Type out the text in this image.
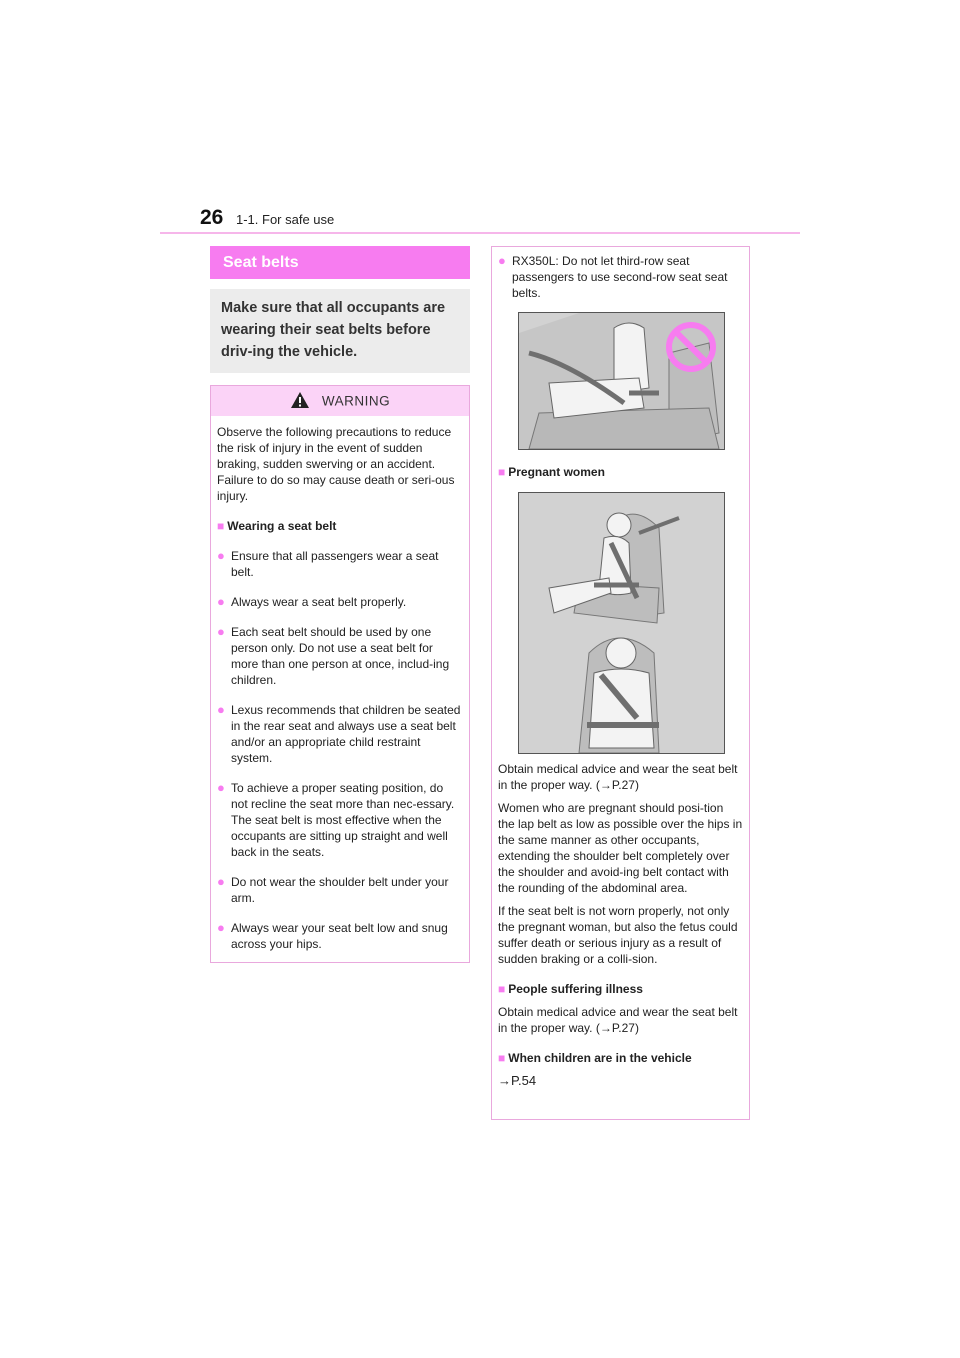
26 1-1. For safe use
Seat belts
Make sure that all occupants are wearing their seat belts before driv-ing the vehicle.
WARNING
Observe the following precautions to reduce the risk of injury in the event of sudden braking, sudden swerving or an accident.
Failure to do so may cause death or seri-ous injury.
■ Wearing a seat belt
● Ensure that all passengers wear a seat belt.
● Always wear a seat belt properly.
● Each seat belt should be used by one person only. Do not use a seat belt for more than one person at once, includ-ing children.
● Lexus recommends that children be seated in the rear seat and always use a seat belt and/or an appropriate child restraint system.
● To achieve a proper seating position, do not recline the seat more than nec-essary. The seat belt is most effective when the occupants are sitting up straight and well back in the seats.
● Do not wear the shoulder belt under your arm.
● Always wear your seat belt low and snug across your hips.
● RX350L: Do not let third-row seat passengers to use second-row seat seat belts.
■ Pregnant women
Obtain medical advice and wear the seat belt in the proper way. (→P.27)
Women who are pregnant should posi-tion the lap belt as low as possible over the hips in the same manner as other occupants, extending the shoulder belt completely over the shoulder and avoid-ing belt contact with the rounding of the abdominal area.
If the seat belt is not worn properly, not only the pregnant woman, but also the fetus could suffer death or serious injury as a result of sudden braking or a colli-sion.
■ People suffering illness
Obtain medical advice and wear the seat belt in the proper way. (→P.27)
■ When children are in the vehicle
→P.54
